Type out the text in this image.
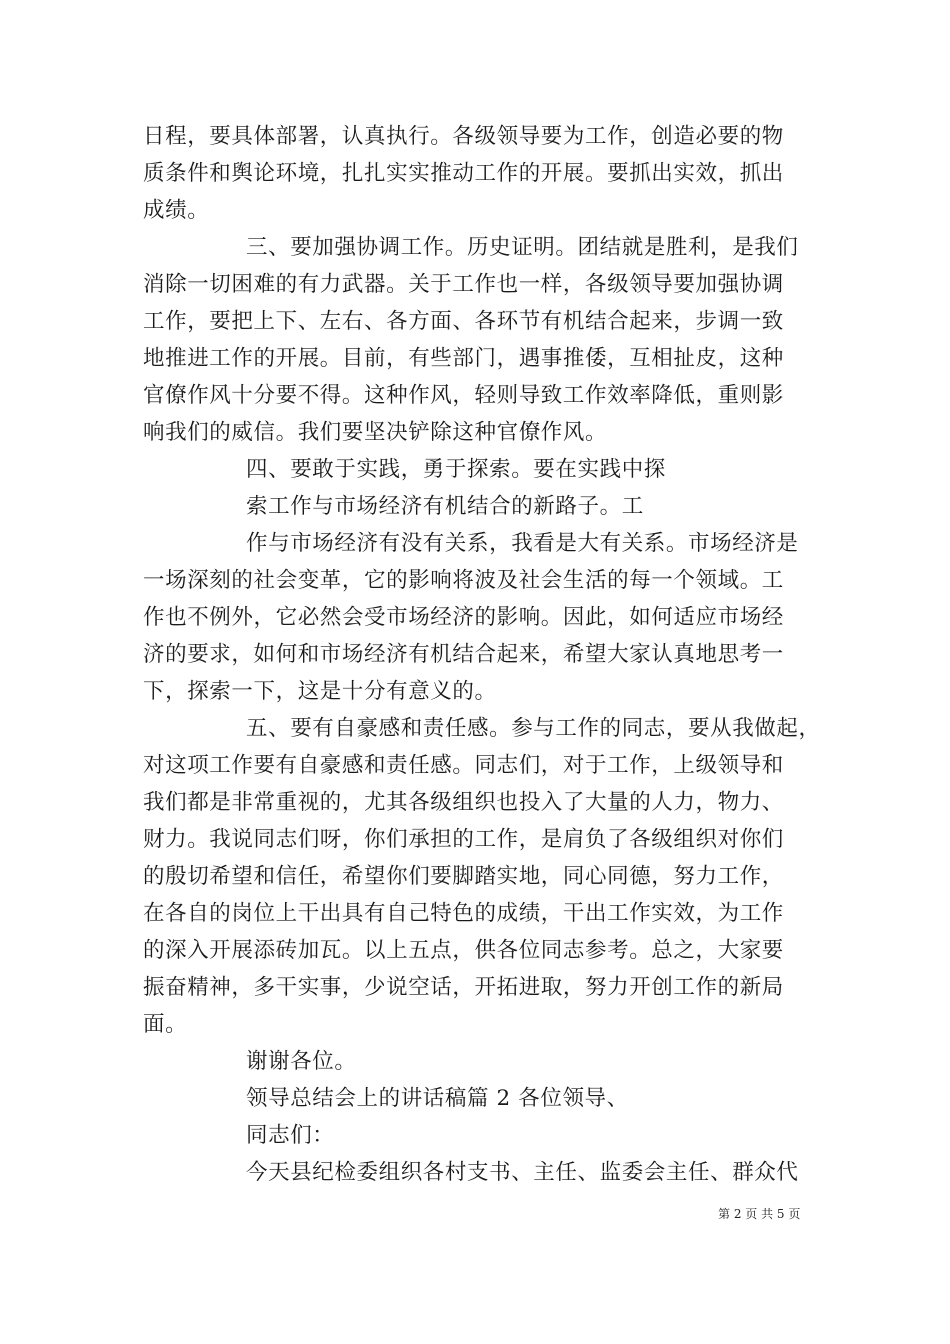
日程，要具体部署，认真执行。各级领导要为工作，创造必要的物
质条件和舆论环境，扎扎实实推动工作的开展。要抓出实效，抓出
成绩。
三、要加强协调工作。历史证明。团结就是胜利，是我们
消除一切困难的有力武器。关于工作也一样，各级领导要加强协调
工作，要把上下、左右、各方面、各环节有机结合起来，步调一致
地推进工作的开展。目前，有些部门，遇事推倭，互相扯皮，这种
官僚作风十分要不得。这种作风，轻则导致工作效率降低，重则影
响我们的威信。我们要坚决铲除这种官僚作风。
四、要敢于实践，勇于探索。要在实践中探
索工作与市场经济有机结合的新路子。工
作与市场经济有没有关系，我看是大有关系。市场经济是
一场深刻的社会变革，它的影响将波及社会生活的每一个领域。工
作也不例外，它必然会受市场经济的影响。因此，如何适应市场经
济的要求，如何和市场经济有机结合起来，希望大家认真地思考一
下，探索一下，这是十分有意义的。
五、要有自豪感和责任感。参与工作的同志，要从我做起，
对这项工作要有自豪感和责任感。同志们，对于工作，上级领导和
我们都是非常重视的，尤其各级组织也投入了大量的人力，物力、
财力。我说同志们呀，你们承担的工作，是肩负了各级组织对你们
的殷切希望和信任，希望你们要脚踏实地，同心同德，努力工作，
在各自的岗位上干出具有自己特色的成绩，干出工作实效，为工作
的深入开展添砖加瓦。以上五点，供各位同志参考。总之，大家要
振奋精神，多干实事，少说空话，开拓进取，努力开创工作的新局
面。
谢谢各位。
领导总结会上的讲话稿篇 2 各位领导、
同志们：
今天县纪检委组织各村支书、主任、监委会主任、群众代
第 2 页 共 5 页
